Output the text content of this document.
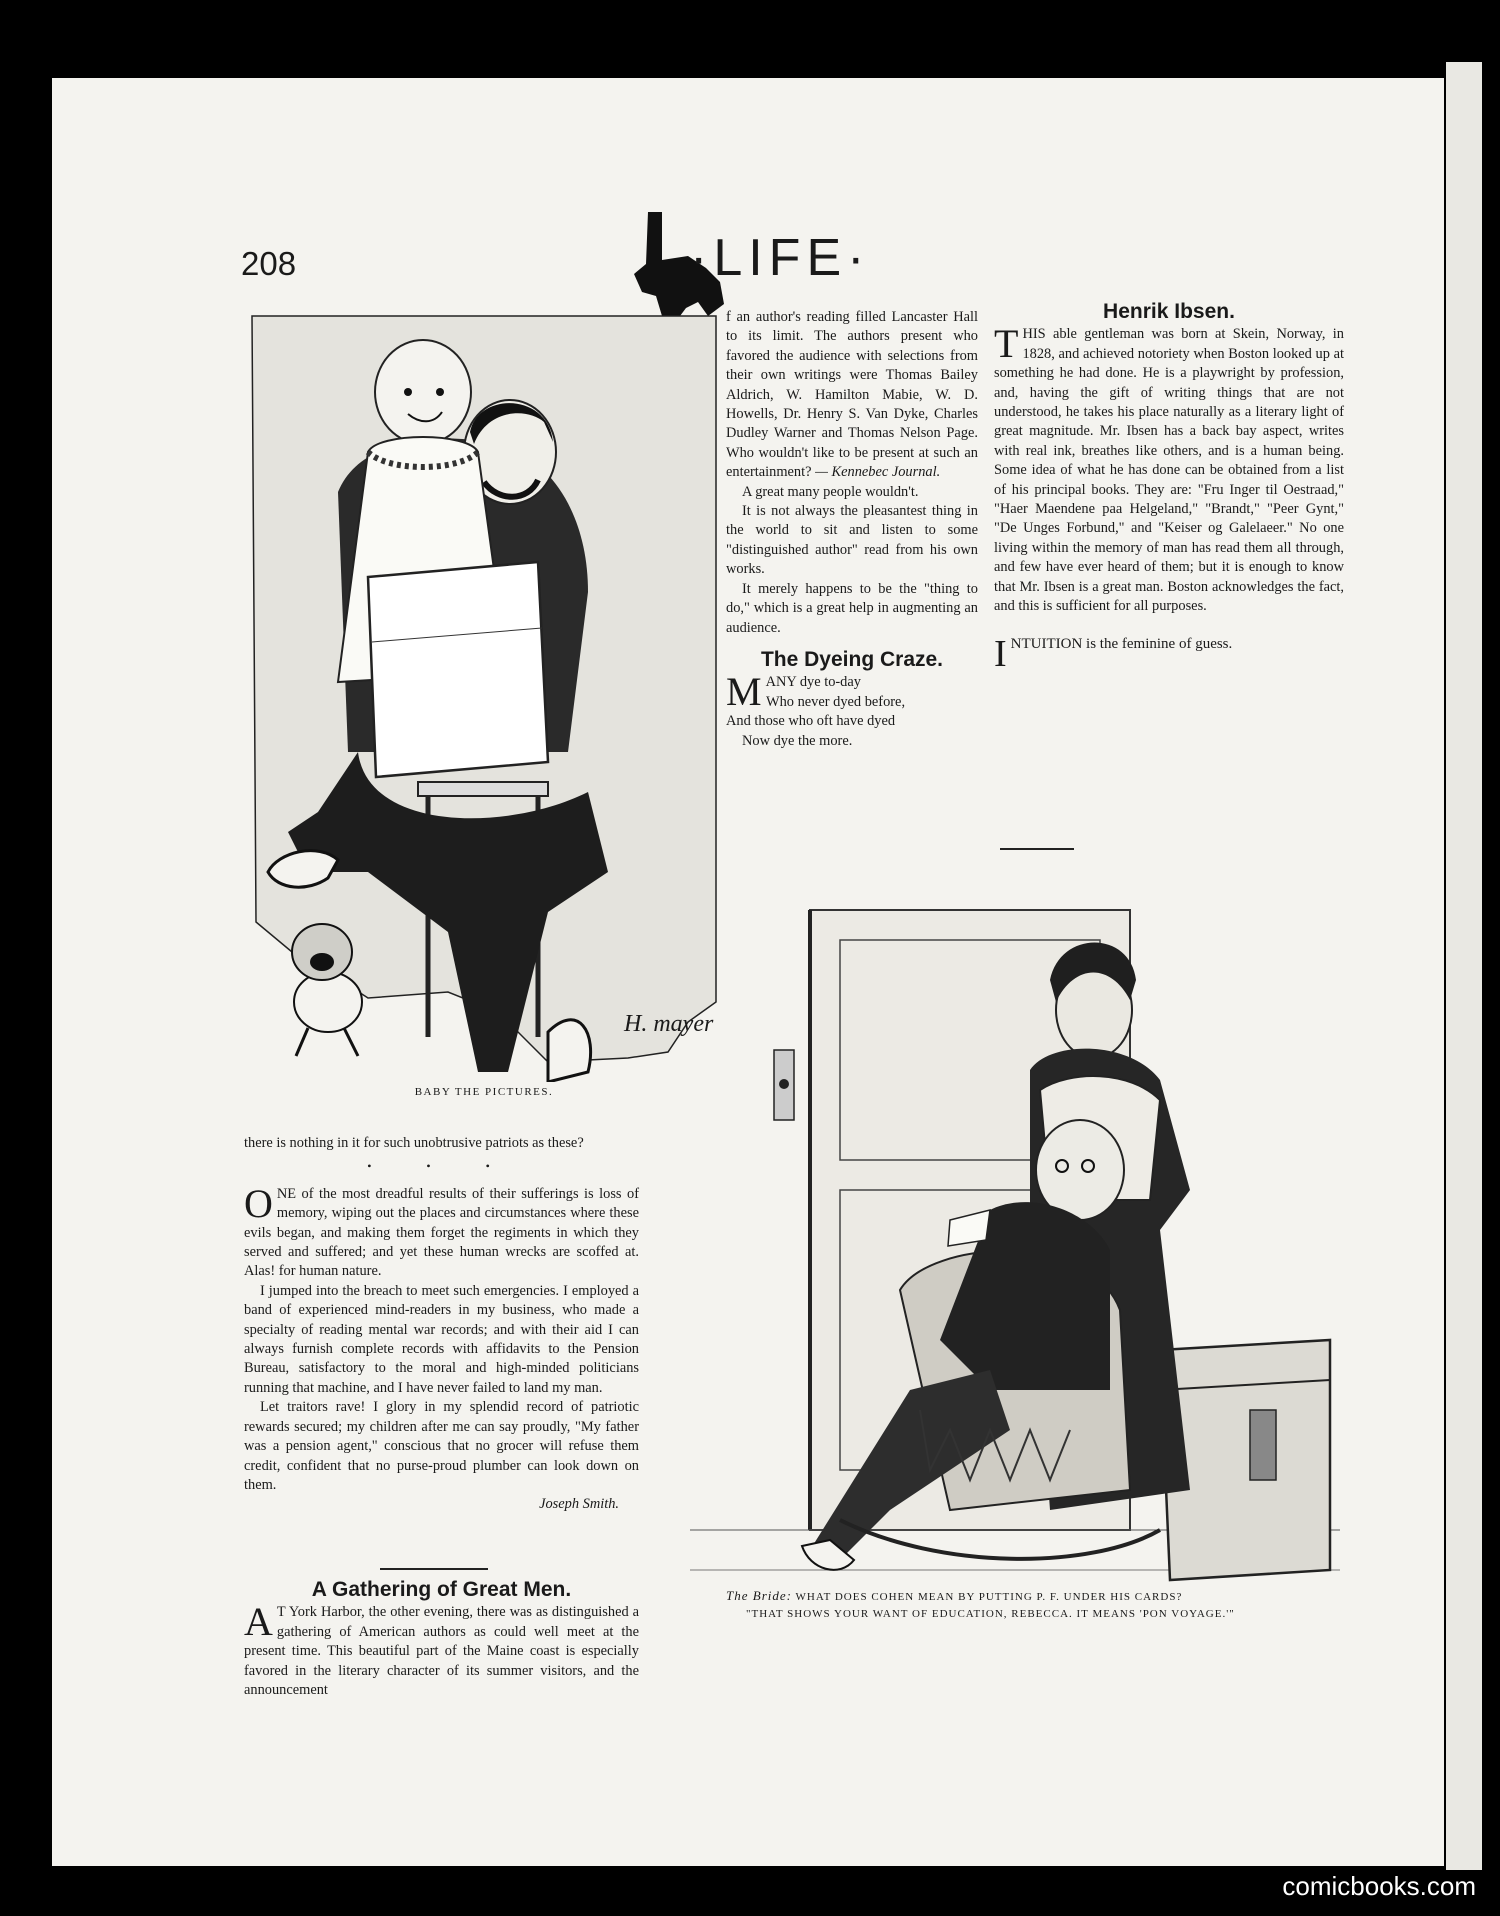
208	·LIFE·
H. mayer
BABY THE PICTURES.

there is nothing in it for such unobtrusive patriots as these?

• • •

ONE of the most dreadful results of their sufferings is loss of memory, wiping out the places and circumstances where these evils began, and making them forget the regiments in which they served and suffered; and yet these human wrecks are scoffed at. Alas! for human nature.

I jumped into the breach to meet such emergencies. I employed a band of experienced mind-readers in my business, who made a specialty of reading mental war records; and with their aid I can always furnish complete records with affidavits to the Pension Bureau, satisfactory to the moral and high-minded politicians running that machine, and I have never failed to land my man.

Let traitors rave! I glory in my splendid record of patriotic rewards secured; my children after me can say proudly, "My father was a pension agent," conscious that no grocer will refuse them credit, confident that no purse-proud plumber can look down on them.

Joseph Smith.

A Gathering of Great Men.

A T York Harbor, the other evening, there was as distinguished a gathering of American authors as could well meet at the present time. This beautiful part of the Maine coast is especially favored in the literary character of its summer visitors, and the announcement

f an author's reading filled Lancaster Hall to its limit. The authors present who favored the audience with selections from their own writings were Thomas Bailey Aldrich, W. Hamilton Mabie, W. D. Howells, Dr. Henry S. Van Dyke, Charles Dudley Warner and Thomas Nelson Page. Who wouldn't like to be present at such an entertainment? — Kennebec Journal.

A great many people wouldn't.

It is not always the pleasantest thing in the world to sit and listen to some "distinguished author" read from his own works.

It merely happens to be the "thing to do," which is a great help in augmenting an audience.

The Dyeing Craze.
M ANY dye to-day

Who never dyed before,

And those who oft have dyed

Now dye the more.

Henrik Ibsen.

THIS able gentleman was born at Skein, Norway, in 1828, and achieved notoriety when Boston looked up at something he had done. He is a playwright by profession, and, having the gift of writing things that are not understood, he takes his place naturally as a literary light of great magnitude. Mr. Ibsen has a back bay aspect, writes with real ink, breathes like others, and is a human being. Some idea of what he has done can be obtained from a list of his principal books. They are: "Fru Inger til Oestraad," "Haer Maendene paa Helgeland," "Brandt," "Peer Gynt," "De Unges Forbund," and "Keiser og Galelaeer." No one living within the memory of man has read them all through, and few have ever heard of them; but it is enough to know that Mr. Ibsen is a great man. Boston acknowledges the fact, and this is sufficient for all purposes.

INTUITION is the feminine of guess.

The Bride: WHAT DOES COHEN MEAN BY PUTTING P. F. UNDER HIS CARDS?
"THAT SHOWS YOUR WANT OF EDUCATION, REBECCA. IT MEANS 'PON VOYAGE.'"
comicbooks.com
